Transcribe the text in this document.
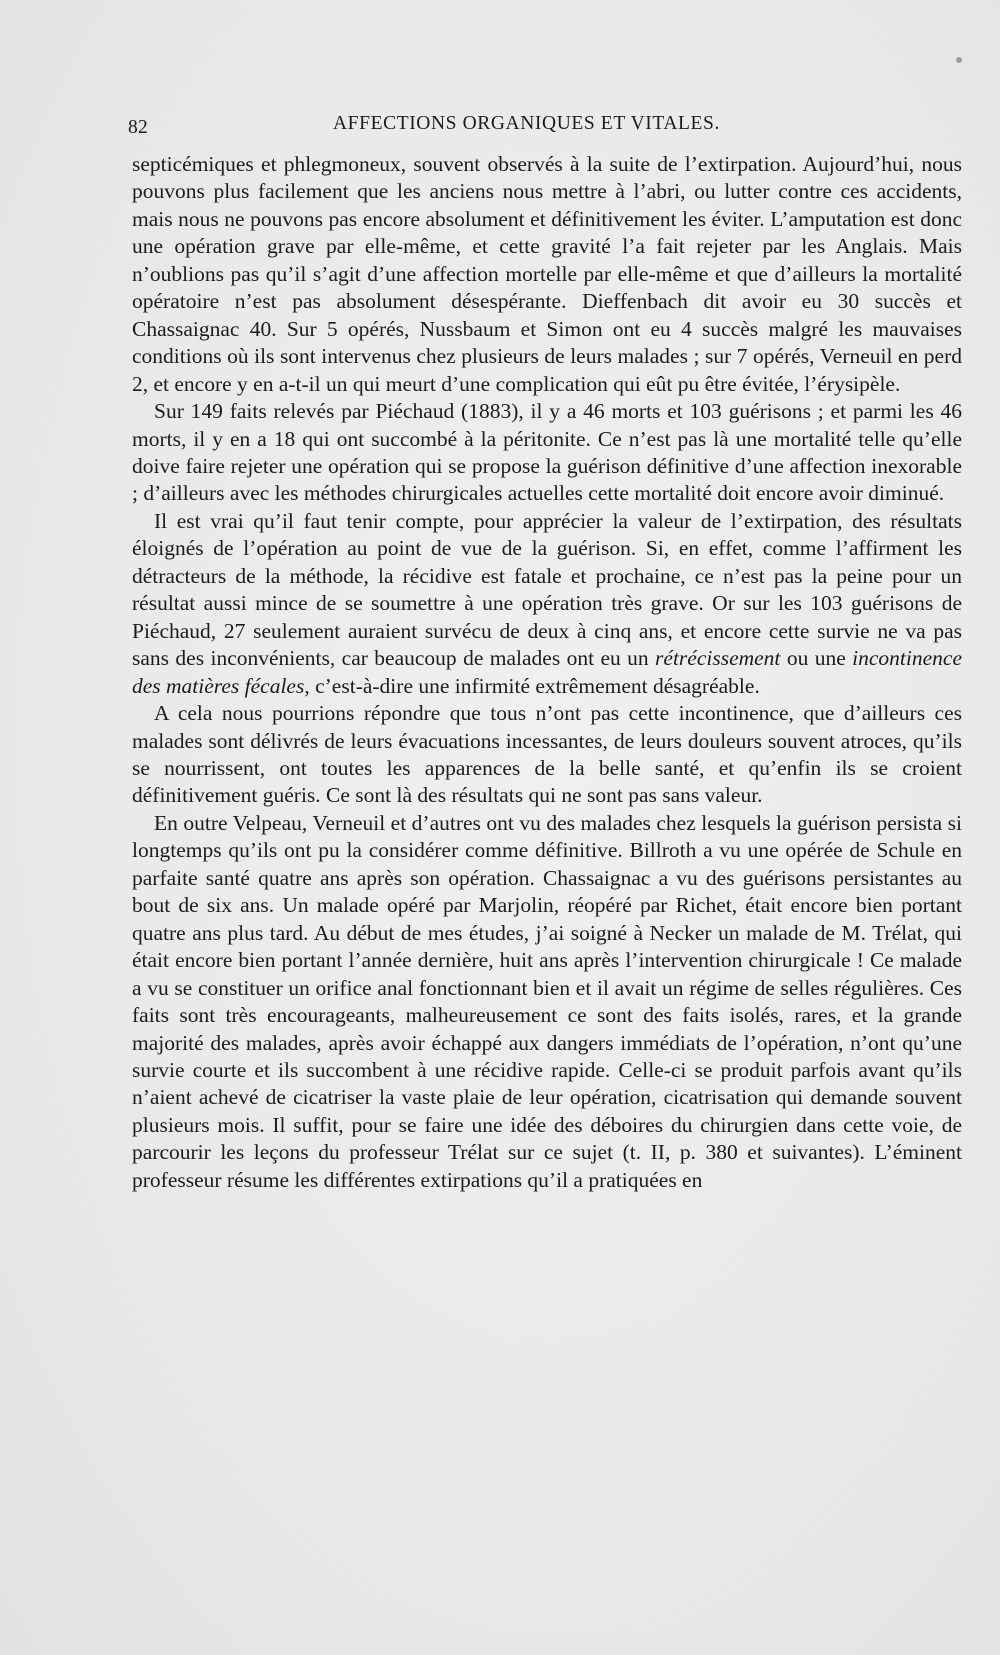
82	AFFECTIONS ORGANIQUES ET VITALES.

septicémiques et phlegmoneux, souvent observés à la suite de l’extirpation. Aujourd’hui, nous pouvons plus facilement que les anciens nous mettre à l’abri, ou lutter contre ces accidents, mais nous ne pouvons pas encore absolument et définitivement les éviter. L’amputation est donc une opération grave par elle-même, et cette gravité l’a fait rejeter par les Anglais. Mais n’oublions pas qu’il s’agit d’une affection mortelle par elle-même et que d’ailleurs la mortalité opératoire n’est pas absolument désespérante. Dieffenbach dit avoir eu 30 succès et Chassaignac 40. Sur 5 opérés, Nussbaum et Simon ont eu 4 succès malgré les mauvaises conditions où ils sont intervenus chez plusieurs de leurs malades ; sur 7 opérés, Verneuil en perd 2, et encore y en a-t-il un qui meurt d’une complication qui eût pu être évitée, l’érysipèle.

Sur 149 faits relevés par Piéchaud (1883), il y a 46 morts et 103 guérisons ; et parmi les 46 morts, il y en a 18 qui ont succombé à la péritonite. Ce n’est pas là une mortalité telle qu’elle doive faire rejeter une opération qui se propose la guérison définitive d’une affection inexorable ; d’ailleurs avec les méthodes chirurgicales actuelles cette mortalité doit encore avoir diminué.

Il est vrai qu’il faut tenir compte, pour apprécier la valeur de l’extirpation, des résultats éloignés de l’opération au point de vue de la guérison. Si, en effet, comme l’affirment les détracteurs de la méthode, la récidive est fatale et prochaine, ce n’est pas la peine pour un résultat aussi mince de se soumettre à une opération très grave. Or sur les 103 guérisons de Piéchaud, 27 seulement auraient survécu de deux à cinq ans, et encore cette survie ne va pas sans des inconvénients, car beaucoup de malades ont eu un rétrécissement ou une incontinence des matières fécales, c’est-à-dire une infirmité extrêmement désagréable.

A cela nous pourrions répondre que tous n’ont pas cette incontinence, que d’ailleurs ces malades sont délivrés de leurs évacuations incessantes, de leurs douleurs souvent atroces, qu’ils se nourrissent, ont toutes les apparences de la belle santé, et qu’enfin ils se croient définitivement guéris. Ce sont là des résultats qui ne sont pas sans valeur.

En outre Velpeau, Verneuil et d’autres ont vu des malades chez lesquels la guérison persista si longtemps qu’ils ont pu la considérer comme définitive. Billroth a vu une opérée de Schule en parfaite santé quatre ans après son opération. Chassaignac a vu des guérisons persistantes au bout de six ans. Un malade opéré par Marjolin, réopéré par Richet, était encore bien portant quatre ans plus tard. Au début de mes études, j’ai soigné à Necker un malade de M. Trélat, qui était encore bien portant l’année dernière, huit ans après l’intervention chirurgicale ! Ce malade a vu se constituer un orifice anal fonctionnant bien et il avait un régime de selles régulières. Ces faits sont très encourageants, malheureusement ce sont des faits isolés, rares, et la grande majorité des malades, après avoir échappé aux dangers immédiats de l’opération, n’ont qu’une survie courte et ils succombent à une récidive rapide. Celle-ci se produit parfois avant qu’ils n’aient achevé de cicatriser la vaste plaie de leur opération, cicatrisation qui demande souvent plusieurs mois. Il suffit, pour se faire une idée des déboires du chirurgien dans cette voie, de parcourir les leçons du professeur Trélat sur ce sujet (t. II, p. 380 et suivantes). L’éminent professeur résume les différentes extirpations qu’il a pratiquées en
